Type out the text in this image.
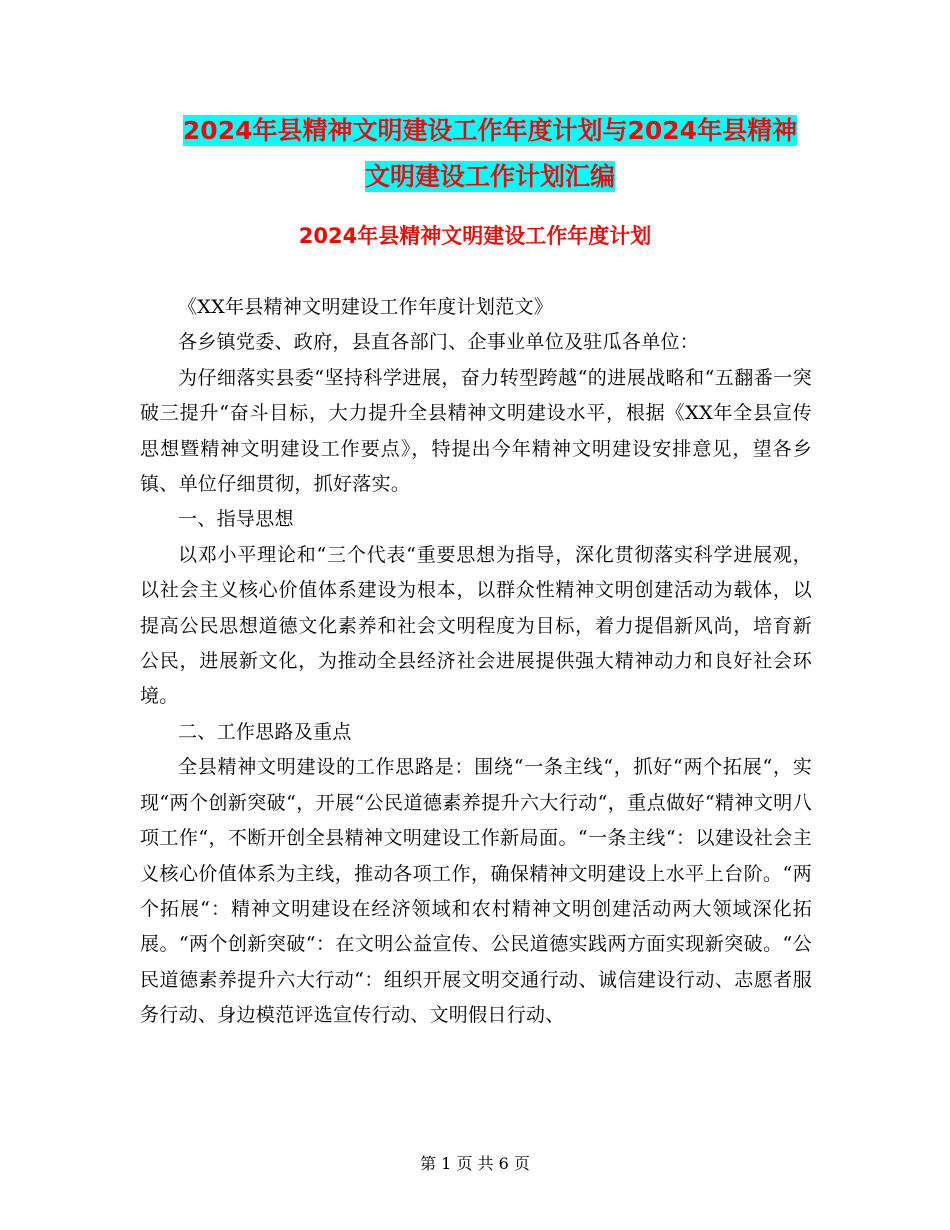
2024年县精神文明建设工作年度计划与2024年县精神
文明建设工作计划汇编
2024年县精神文明建设工作年度计划

《XX年县精神文明建设工作年度计划范文》

各乡镇党委、政府，县直各部门、企事业单位及驻瓜各单位：

为仔细落实县委“坚持科学进展，奋力转型跨越“的进展战略和“五翻番一突破三提升“奋斗目标，大力提升全县精神文明建设水平，根据《XX年全县宣传思想暨精神文明建设工作要点》，特提出今年精神文明建设安排意见，望各乡镇、单位仔细贯彻，抓好落实。

一、指导思想

以邓小平理论和“三个代表“重要思想为指导，深化贯彻落实科学进展观，以社会主义核心价值体系建设为根本，以群众性精神文明创建活动为载体，以提高公民思想道德文化素养和社会文明程度为目标，着力提倡新风尚，培育新公民，进展新文化，为推动全县经济社会进展提供强大精神动力和良好社会环境。

二、工作思路及重点

全县精神文明建设的工作思路是：围绕“一条主线“，抓好“两个拓展“，实现“两个创新突破“，开展“公民道德素养提升六大行动“，重点做好“精神文明八项工作“，不断开创全县精神文明建设工作新局面。“一条主线“：以建设社会主义核心价值体系为主线，推动各项工作，确保精神文明建设上水平上台阶。“两个拓展“：精神文明建设在经济领域和农村精神文明创建活动两大领域深化拓展。“两个创新突破“：在文明公益宣传、公民道德实践两方面实现新突破。“公民道德素养提升六大行动“：组织开展文明交通行动、诚信建设行动、志愿者服务行动、身边模范评选宣传行动、文明假日行动、

第 1 页 共 6 页
